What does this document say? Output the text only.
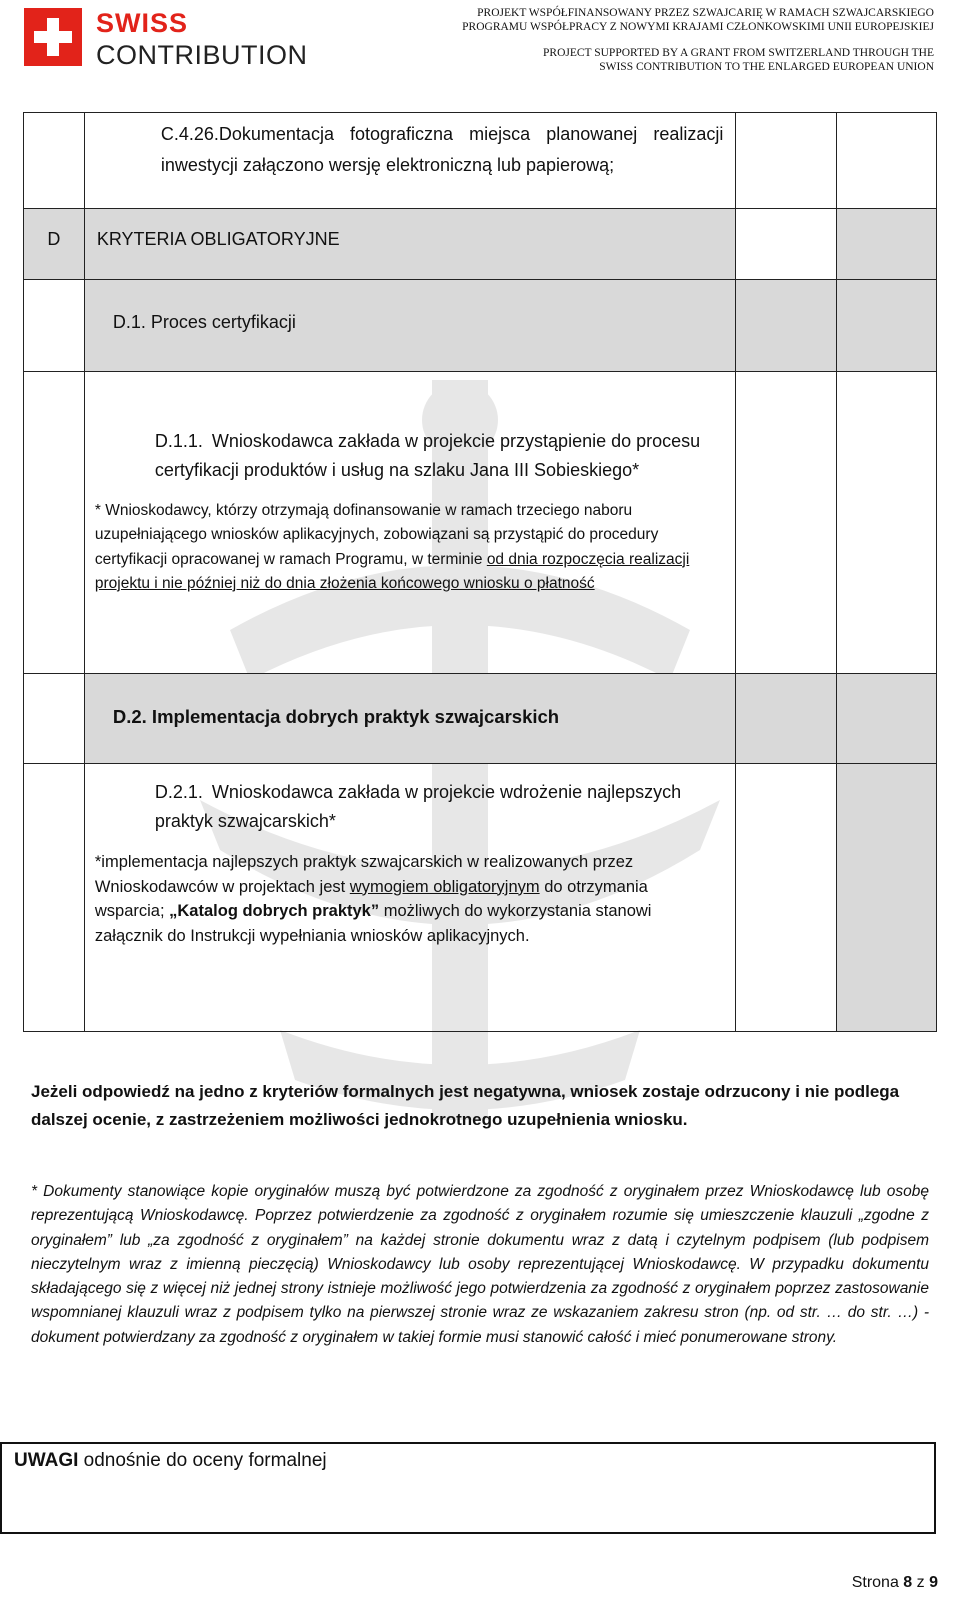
SWISS
CONTRIBUTION
PROJEKT WSPÓŁFINANSOWANY PRZEZ SZWAJCARIĘ W RAMACH SZWAJCARSKIEGO
PROGRAMU WSPÓŁPRACY Z NOWYMI KRAJAMI CZŁONKOWSKIMI UNII EUROPEJSKIEJ
PROJECT SUPPORTED BY A GRANT FROM SWITZERLAND THROUGH THE
SWISS CONTRIBUTION TO THE ENLARGED EUROPEAN UNION

	C.4.26.Dokumentacja fotograficzna miejsca planowanej realizacji inwestycji załączono wersję elektroniczną lub papierową;		

D	KRYTERIA OBLIGATORYJNE		

	D.1. Proces certyfikacji		

	D.1.1. Wnioskodawca zakłada w projekcie przystąpienie do procesu certyfikacji produktów i usług na szlaku Jana III Sobieskiego*
* Wnioskodawcy, którzy otrzymają dofinansowanie w ramach trzeciego naboru uzupełniającego wniosków aplikacyjnych, zobowiązani są przystąpić do procedury certyfikacji opracowanej w ramach Programu, w terminie od dnia rozpoczęcia realizacji projektu i nie później niż do dnia złożenia końcowego wniosku o płatność		

	D.2. Implementacja dobrych praktyk szwajcarskich		

	D.2.1. Wnioskodawca zakłada w projekcie wdrożenie najlepszych praktyk szwajcarskich*
*implementacja najlepszych praktyk szwajcarskich w realizowanych przez Wnioskodawców w projektach jest wymogiem obligatoryjnym do otrzymania wsparcia; „Katalog dobrych praktyk” możliwych do wykorzystania stanowi załącznik do Instrukcji wypełniania wniosków aplikacyjnych.		

Jeżeli odpowiedź na jedno z kryteriów formalnych jest negatywna, wniosek zostaje odrzucony i nie podlega dalszej ocenie, z zastrzeżeniem możliwości jednokrotnego uzupełnienia wniosku.
* Dokumenty stanowiące kopie oryginałów muszą być potwierdzone za zgodność z oryginałem przez Wnioskodawcę lub osobę reprezentującą Wnioskodawcę. Poprzez potwierdzenie za zgodność z oryginałem rozumie się umieszczenie klauzuli „zgodne z oryginałem” lub „za zgodność z oryginałem” na każdej stronie dokumentu wraz z datą i czytelnym podpisem (lub podpisem nieczytelnym wraz z imienną pieczęcią) Wnioskodawcy lub osoby reprezentującej Wnioskodawcę. W przypadku dokumentu składającego się z więcej niż jednej strony istnieje możliwość jego potwierdzenia za zgodność z oryginałem poprzez zastosowanie wspomnianej klauzuli wraz z podpisem tylko na pierwszej stronie wraz ze wskazaniem zakresu stron (np. od str. … do str. …) - dokument potwierdzany za zgodność z oryginałem w takiej formie musi stanowić całość i mieć ponumerowane strony.
UWAGI odnośnie do oceny formalnej
Strona 8 z 9
